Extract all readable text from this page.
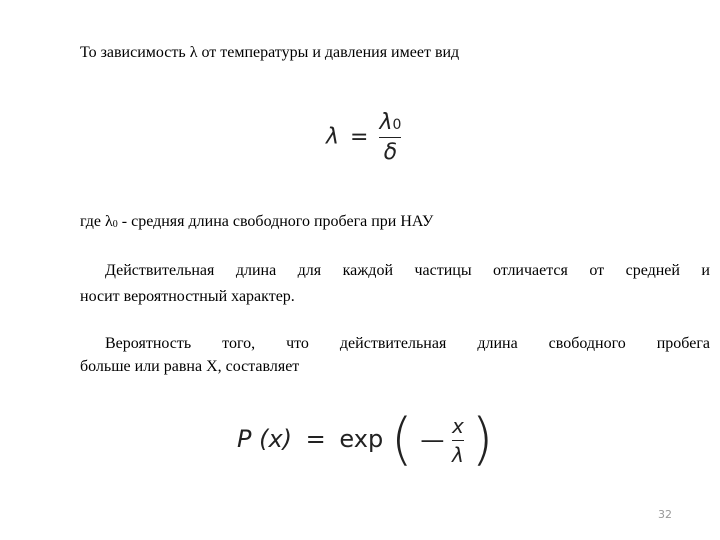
То зависимость λ от температуры и давления имеет вид
$\lambda = \frac{\lambda 0}{\delta}$
где λ0 - средняя длина свободного пробега при НАУ
Действительная длина для каждой частицы отличается от средней и
носит вероятностный характер.
Вероятность того, что действительная длина свободного пробега
больше или равна Х, составляет
P (x) = exp ( — $\frac{x}{\lambda}$ )
32
